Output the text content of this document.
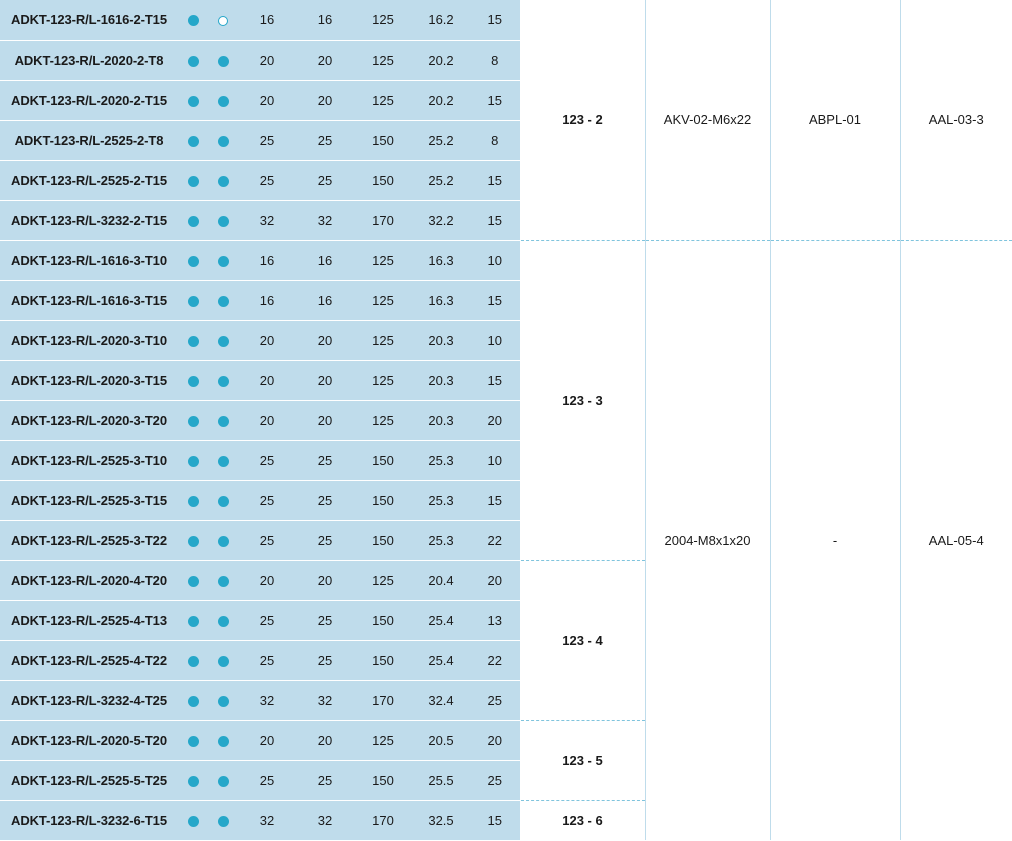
ADKT-123-R/L-1616-2-T15			16	16	125	16.2	15	123 - 2	AKV-02-M6x22	ABPL-01	AAL-03-3
ADKT-123-R/L-2020-2-T8			20	20	125	20.2	8				
ADKT-123-R/L-2020-2-T15			20	20	125	20.2	15				
ADKT-123-R/L-2525-2-T8			25	25	150	25.2	8				
ADKT-123-R/L-2525-2-T15			25	25	150	25.2	15				
ADKT-123-R/L-3232-2-T15			32	32	170	32.2	15				
ADKT-123-R/L-1616-3-T10			16	16	125	16.3	10	123 - 3	2004-M8x1x20	-	AAL-05-4
ADKT-123-R/L-1616-3-T15			16	16	125	16.3	15				
ADKT-123-R/L-2020-3-T10			20	20	125	20.3	10				
ADKT-123-R/L-2020-3-T15			20	20	125	20.3	15				
ADKT-123-R/L-2020-3-T20			20	20	125	20.3	20				
ADKT-123-R/L-2525-3-T10			25	25	150	25.3	10				
ADKT-123-R/L-2525-3-T15			25	25	150	25.3	15				
ADKT-123-R/L-2525-3-T22			25	25	150	25.3	22				
ADKT-123-R/L-2020-4-T20			20	20	125	20.4	20	123 - 4			
ADKT-123-R/L-2525-4-T13			25	25	150	25.4	13				
ADKT-123-R/L-2525-4-T22			25	25	150	25.4	22				
ADKT-123-R/L-3232-4-T25			32	32	170	32.4	25				
ADKT-123-R/L-2020-5-T20			20	20	125	20.5	20	123 - 5			
ADKT-123-R/L-2525-5-T25			25	25	150	25.5	25				
ADKT-123-R/L-3232-6-T15			32	32	170	32.5	15	123 - 6			
